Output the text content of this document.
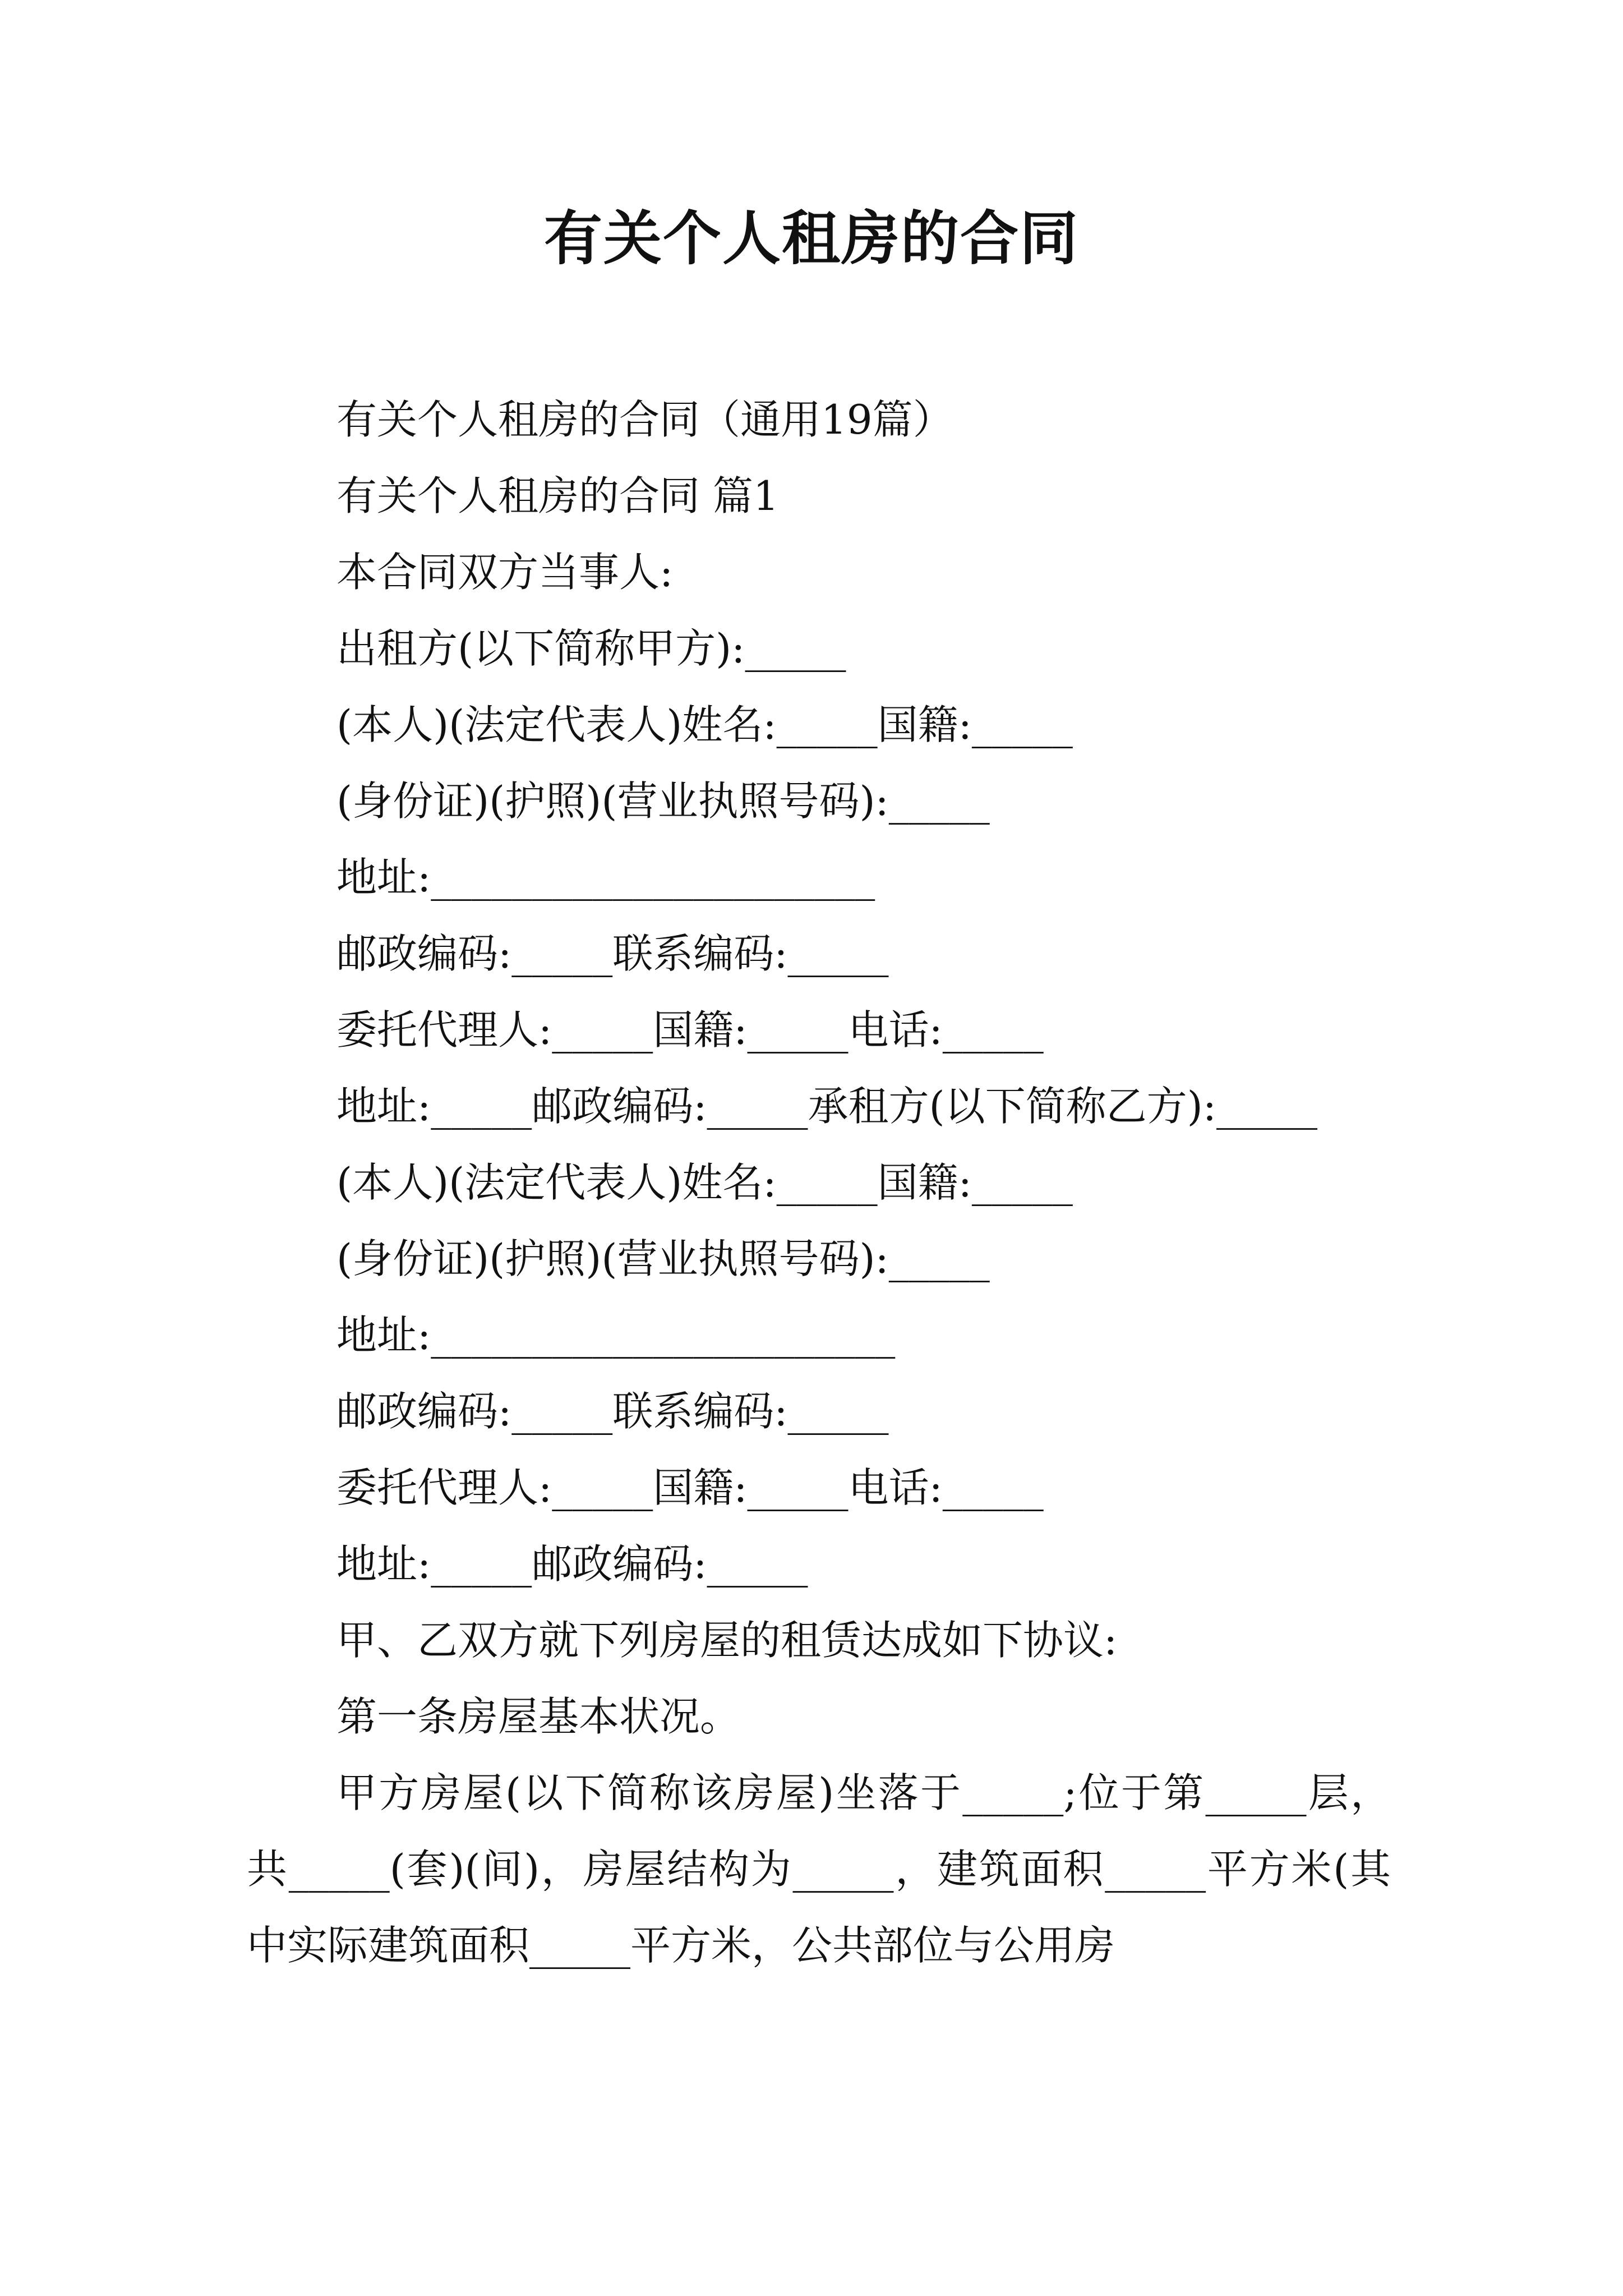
有关个人租房的合同

有关个人租房的合同（通用19篇）

有关个人租房的合同 篇1

本合同双方当事人:

出租方(以下简称甲方):_____

(本人)(法定代表人)姓名:_____国籍:_____

(身份证)(护照)(营业执照号码):_____

地址:______________________

邮政编码:_____联系编码:_____

委托代理人:_____国籍:_____电话:_____

地址:_____邮政编码:_____承租方(以下简称乙方):_____

(本人)(法定代表人)姓名:_____国籍:_____

(身份证)(护照)(营业执照号码):_____

地址:_______________________

邮政编码:_____联系编码:_____

委托代理人:_____国籍:_____电话:_____

地址:_____邮政编码:_____

甲、乙双方就下列房屋的租赁达成如下协议:

第一条房屋基本状况。

甲方房屋(以下简称该房屋)坐落于_____;位于第_____层，共_____(套)(间)，房屋结构为_____，建筑面积_____平方米(其中实际建筑面积_____平方米，公共部位与公用房
